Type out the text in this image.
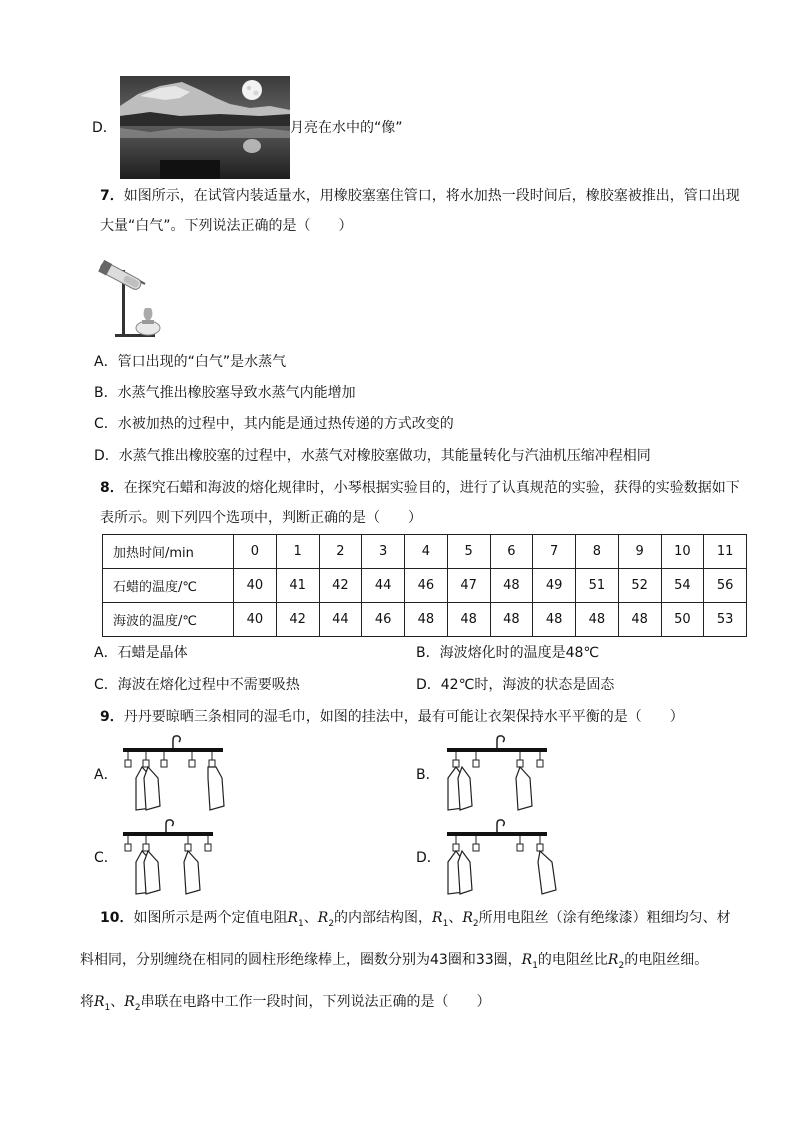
D．	月亮在水中的“像”
7．如图所示，在试管内装适量水，用橡胶塞塞住管口，将水加热一段时间后，橡胶塞被推出，管口出现
大量“白气”。下列说法正确的是（　　）
A．管口出现的“白气”是水蒸气
B．水蒸气推出橡胶塞导致水蒸气内能增加
C．水被加热的过程中，其内能是通过热传递的方式改变的
D．水蒸气推出橡胶塞的过程中，水蒸气对橡胶塞做功，其能量转化与汽油机压缩冲程相同
8．在探究石蜡和海波的熔化规律时，小琴根据实验目的，进行了认真规范的实验，获得的实验数据如下
表所示。则下列四个选项中，判断正确的是（　　）
加热时间/min	0	1	2	3	4	5	6	7	8	9	10	11
石蜡的温度/℃	40	41	42	44	46	47	48	49	51	52	54	56
海波的温度/℃	40	42	44	46	48	48	48	48	48	48	50	53
A．石蜡是晶体	B．海波熔化时的温度是48℃
C．海波在熔化过程中不需要吸热	D．42℃时，海波的状态是固态
9．丹丹要晾晒三条相同的湿毛巾，如图的挂法中，最有可能让衣架保持水平平衡的是（　　）
A．	B．
C．	D．
10．如图所示是两个定值电阻$R_1$、$R_2$的内部结构图，$R_1$、$R_2$所用电阻丝（涂有绝缘漆）粗细均匀、材
料相同，分别缠绕在相同的圆柱形绝缘棒上，圈数分别为43圈和33圈，$R_1$的电阻丝比$R_2$的电阻丝细。
将$R_1$、$R_2$串联在电路中工作一段时间，下列说法正确的是（　　）
